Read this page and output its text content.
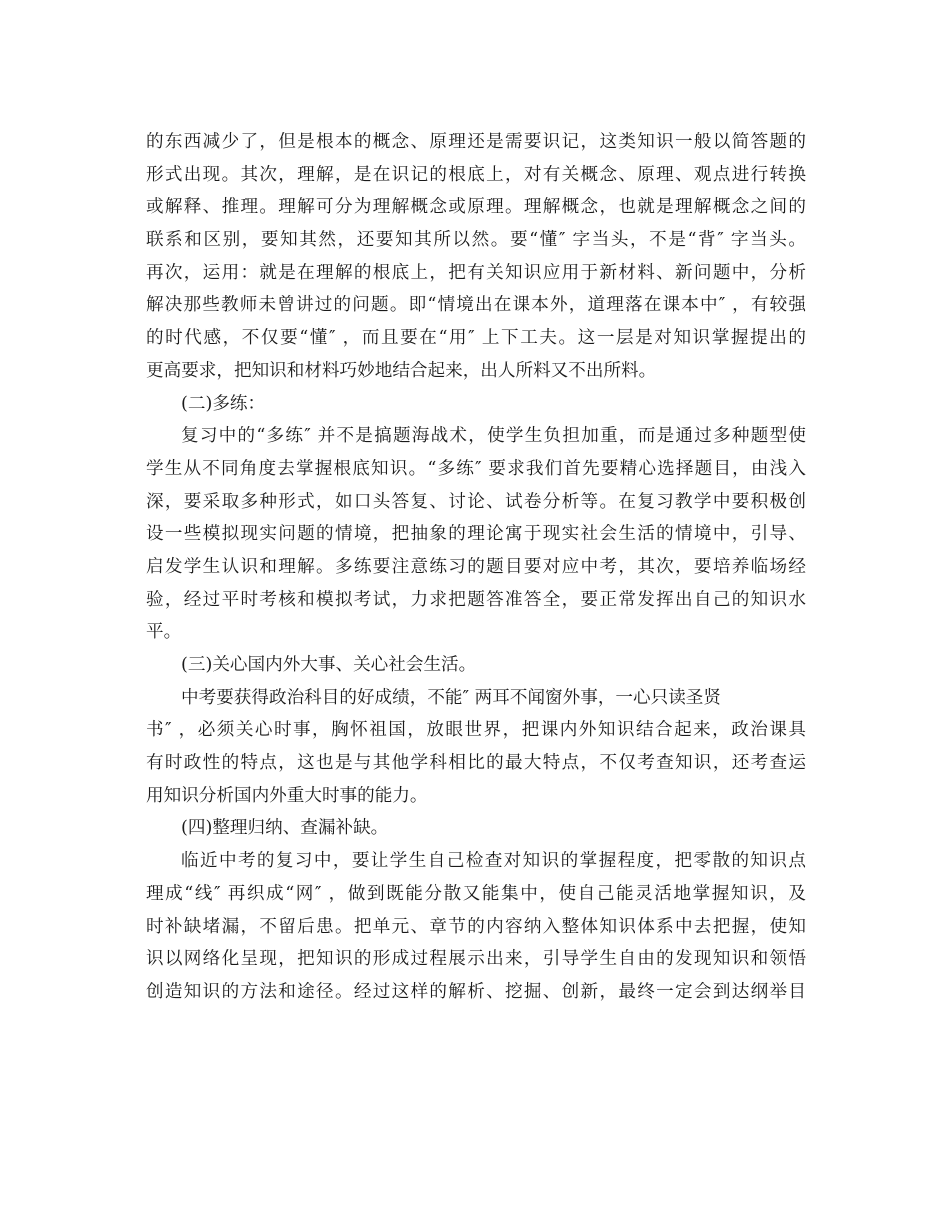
的东西减少了，但是根本的概念、原理还是需要识记，这类知识一般以简答题的
形式出现。其次，理解，是在识记的根底上，对有关概念、原理、观点进行转换
或解释、推理。理解可分为理解概念或原理。理解概念，也就是理解概念之间的
联系和区别，要知其然，还要知其所以然。要“懂″ 字当头，不是“背″ 字当头。
再次，运用：就是在理解的根底上，把有关知识应用于新材料、新问题中，分析
解决那些教师未曾讲过的问题。即“情境出在课本外，道理落在课本中″ ，有较强
的时代感，不仅要“懂″ ，而且要在“用″ 上下工夫。这一层是对知识掌握提出的
更高要求，把知识和材料巧妙地结合起来，出人所料又不出所料。
(二)多练：
复习中的“多练″ 并不是搞题海战术，使学生负担加重，而是通过多种题型使
学生从不同角度去掌握根底知识。“多练″ 要求我们首先要精心选择题目，由浅入
深，要采取多种形式，如口头答复、讨论、试卷分析等。在复习教学中要积极创
设一些模拟现实问题的情境，把抽象的理论寓于现实社会生活的情境中，引导、
启发学生认识和理解。多练要注意练习的题目要对应中考，其次，要培养临场经
验，经过平时考核和模拟考试，力求把题答准答全，要正常发挥出自己的知识水
平。
(三)关心国内外大事、关心社会生活。
中考要获得政治科目的好成绩，不能″ 两耳不闻窗外事，一心只读圣贤
书″ ，必须关心时事，胸怀祖国，放眼世界，把课内外知识结合起来，政治课具
有时政性的特点，这也是与其他学科相比的最大特点，不仅考查知识，还考查运
用知识分析国内外重大时事的能力。
(四)整理归纳、查漏补缺。
临近中考的复习中，要让学生自己检查对知识的掌握程度，把零散的知识点
理成“线″ 再织成“网″ ，做到既能分散又能集中，使自己能灵活地掌握知识，及
时补缺堵漏，不留后患。把单元、章节的内容纳入整体知识体系中去把握，使知
识以网络化呈现，把知识的形成过程展示出来，引导学生自由的发现知识和领悟
创造知识的方法和途径。经过这样的解析、挖掘、创新，最终一定会到达纲举目
